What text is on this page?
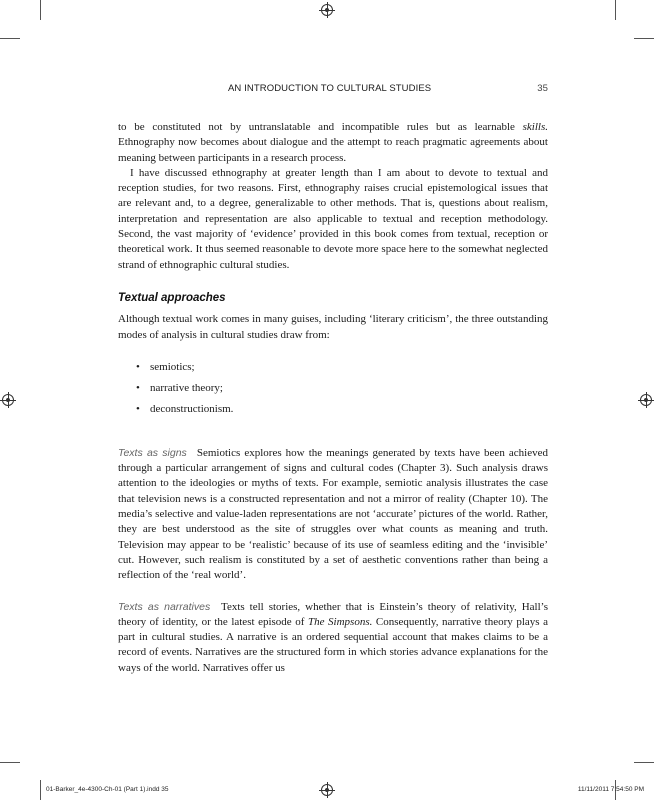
AN INTRODUCTION TO CULTURAL STUDIES	35

to be constituted not by untranslatable and incompatible rules but as learnable skills. Ethnography now becomes about dialogue and the attempt to reach pragmatic agreements about meaning between participants in a research process.

I have discussed ethnography at greater length than I am about to devote to textual and reception studies, for two reasons. First, ethnography raises crucial epistemological issues that are relevant and, to a degree, generalizable to other methods. That is, questions about realism, interpretation and representation are also applicable to textual and reception methodology. Second, the vast majority of ‘evidence’ provided in this book comes from textual, reception or theoretical work. It thus seemed reasonable to devote more space here to the somewhat neglected strand of ethnographic cultural studies.

Textual approaches

Although textual work comes in many guises, including ‘literary criticism’, the three outstanding modes of analysis in cultural studies draw from:

• semiotics;
• narrative theory;
• deconstructionism.

Texts as signs Semiotics explores how the meanings generated by texts have been achieved through a particular arrangement of signs and cultural codes (Chapter 3). Such analysis draws attention to the ideologies or myths of texts. For example, semiotic analysis illustrates the case that television news is a constructed representation and not a mirror of reality (Chapter 10). The media’s selective and value-laden representations are not ‘accurate’ pictures of the world. Rather, they are best understood as the site of struggles over what counts as meaning and truth. Television may appear to be ‘realistic’ because of its use of seamless editing and the ‘invisible’ cut. However, such realism is constituted by a set of aesthetic conventions rather than being a reflection of the ‘real world’.

Texts as narratives Texts tell stories, whether that is Einstein’s theory of relativity, Hall’s theory of identity, or the latest episode of The Simpsons. Consequently, narrative theory plays a part in cultural studies. A narrative is an ordered sequential account that makes claims to be a record of events. Narratives are the structured form in which stories advance explanations for the ways of the world. Narratives offer us

01-Barker_4e-4300-Ch-01 (Part 1).indd 35	11/11/2011 7:54:50 PM
